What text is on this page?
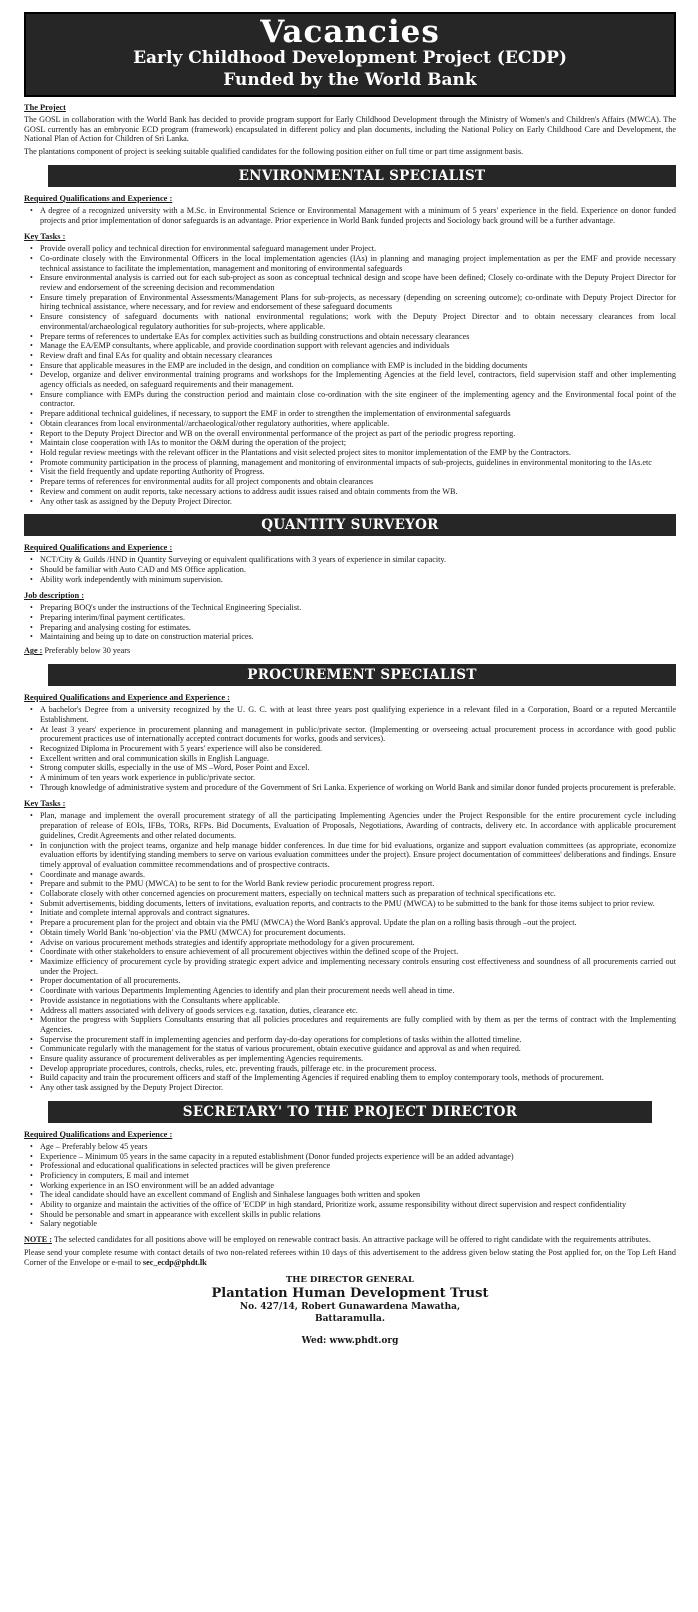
Vacancies
Early Childhood Development Project (ECDP)
Funded by the World Bank
The Project

The GOSL in collaboration with the World Bank has decided to provide program support for Early Childhood Development through the Ministry of Women's and Children's Affairs (MWCA). The GOSL currently has an embryonic ECD program (framework) encapsulated in different policy and plan documents, including the National Policy on Early Childhood Care and Development, the National Plan of Action for Children of Sri Lanka.

The plantations component of project is seeking suitable qualified candidates for the following position either on full time or part time assignment basis.

ENVIRONMENTAL SPECIALIST
Required Qualifications and Experience :
• A degree of a recognized university with a M.Sc. in Environmental Science or Environmental Management with a minimum of 5 years' experience in the field. Experience on donor funded projects and prior implementation of donor safeguards is an advantage. Prior experience in World Bank funded projects and Sociology back ground will be a further advantage.
Key Tasks :
• Provide overall policy and technical direction for environmental safeguard management under Project.
• Co-ordinate closely with the Environmental Officers in the local implementation agencies (IAs) in planning and managing project implementation as per the EMF and provide necessary technical assistance to facilitate the implementation, management and monitoring of environmental safeguards
• Ensure environmental analysis is carried out for each sub-project as soon as conceptual technical design and scope have been defined; Closely co-ordinate with the Deputy Project Director for review and endorsement of the screening decision and recommendation
• Ensure timely preparation of Environmental Assessments/Management Plans for sub-projects, as necessary (depending on screening outcome); co-ordinate with Deputy Project Director for hiring technical assistance, where necessary, and for review and endorsement of these safeguard documents
• Ensure consistency of safeguard documents with national environmental regulations; work with the Deputy Project Director and to obtain necessary clearances from local environmental/archaeological regulatory authorities for sub-projects, where applicable.
• Prepare terms of references to undertake EAs for complex activities such as building constructions and obtain necessary clearances
• Manage the EA/EMP consultants, where applicable, and provide coordination support with relevant agencies and individuals
• Review draft and final EAs for quality and obtain necessary clearances
• Ensure that applicable measures in the EMP are included in the design, and condition on compliance with EMP is included in the bidding documents
• Develop, organize and deliver environmental training programs and workshops for the Implementing Agencies at the field level, contractors, field supervision staff and other implementing agency officials as needed, on safeguard requirements and their management.
• Ensure compliance with EMPs during the construction period and maintain close co-ordination with the site engineer of the implementing agency and the Environmental focal point of the contractor.
• Prepare additional technical guidelines, if necessary, to support the EMF in order to strengthen the implementation of environmental safeguards
• Obtain clearances from local environmental//archaeological/other regulatory authorities, where applicable.
• Report to the Deputy Project Director and WB on the overall environmental performance of the project as part of the periodic progress reporting.
• Maintain close cooperation with IAs to monitor the O&M during the operation of the project;
• Hold regular review meetings with the relevant officer in the Plantations and visit selected project sites to monitor implementation of the EMP by the Contractors.
• Promote community participation in the process of planning, management and monitoring of environmental impacts of sub-projects, guidelines in environmental monitoring to the IAs.etc
• Visit the field frequently and update reporting Authority of Progress.
• Prepare terms of references for environmental audits for all project components and obtain clearances
• Review and comment on audit reports, take necessary actions to address audit issues raised and obtain comments from the WB.
• Any other task as assigned by the Deputy Project Director.
QUANTITY SURVEYOR
Required Qualifications and Experience :
• NCT/City & Guilds /HND in Quantity Surveying or equivalent qualifications with 3 years of experience in similar capacity.
• Should be familiar with Auto CAD and MS Office application.
• Ability work independently with minimum supervision.
Job description :
• Preparing BOQ's under the instructions of the Technical Engineering Specialist.
• Preparing interim/final payment certificates.
• Preparing and analysing costing for estimates.
• Maintaining and being up to date on construction material prices.
Age : Preferably below 30 years
PROCUREMENT SPECIALIST
Required Qualifications and Experience and Experience :
• A bachelor's Degree from a university recognized by the U. G. C. with at least three years post qualifying experience in a relevant filed in a Corporation, Board or a reputed Mercantile Establishment.
• At least 3 years' experience in procurement planning and management in public/private sector. (Implementing or overseeing actual procurement process in accordance with good public procurement practices use of internationally accepted contract documents for works, goods and services).
• Recognized Diploma in Procurement with 5 years' experience will also be considered.
• Excellent written and oral communication skills in English Language.
• Strong computer skills, especially in the use of MS –Word, Poser Point and Excel.
• A minimum of ten years work experience in public/private sector.
• Through knowledge of administrative system and procedure of the Government of Sri Lanka. Experience of working on World Bank and similar donor funded projects procurement is preferable.
Key Tasks :
• Plan, manage and implement the overall procurement strategy of all the participating Implementing Agencies under the Project Responsible for the entire procurement cycle including preparation of release of EOIs, IFBs, TORs, RFPs. Bid Documents, Evaluation of Proposals, Negotiations, Awarding of contracts, delivery etc. In accordance with applicable procurement guidelines, Credit Agreements and other related documents.
• In conjunction with the project teams, organize and help manage bidder conferences. In due time for bid evaluations, organize and support evaluation committees (as appropriate, economize evaluation efforts by identifying standing members to serve on various evaluation committees under the project). Ensure project documentation of committees' deliberations and findings. Ensure timely approval of evaluation committee recommendations and of prospective contracts.
• Coordinate and manage awards.
• Prepare and submit to the PMU (MWCA) to be sent to for the World Bank review periodic procurement progress report.
• Collaborate closely with other concerned agencies on procurement matters, especially on technical matters such as preparation of technical specifications etc.
• Submit advertisements, bidding documents, letters of invitations, evaluation reports, and contracts to the PMU (MWCA) to be submitted to the bank for those items subject to prior review.
• Initiate and complete internal approvals and contract signatures.
• Prepare a procurement plan for the project and obtain via the PMU (MWCA) the Word Bank's approval. Update the plan on a rolling basis through –out the project.
• Obtain timely World Bank 'no-objection' via the PMU (MWCA) for procurement documents.
• Advise on various procurement methods strategies and identify appropriate methodology for a given procurement.
• Coordinate with other stakeholders to ensure achievement of all procurement objectives within the defined scope of the Project.
• Maximize efficiency of procurement cycle by providing strategic expert advice and implementing necessary controls ensuring cost effectiveness and soundness of all procurements carried out under the Project.
• Proper documentation of all procurements.
• Coordinate with various Departments Implementing Agencies to identify and plan their procurement needs well ahead in time.
• Provide assistance in negotiations with the Consultants where applicable.
• Address all matters associated with delivery of goods services e.g. taxation, duties, clearance etc.
• Monitor the progress with Suppliers Consultants ensuring that all policies procedures and requirements are fully complied with by them as per the terms of contract with the Implementing Agencies.
• Supervise the procurement staff in implementing agencies and perform day-do-day operations for completions of tasks within the allotted timeline.
• Communicate regularly with the management for the status of various procurement, obtain executive guidance and approval as and when required.
• Ensure quality assurance of procurement deliverables as per implementing Agencies requirements.
• Develop appropriate procedures, controls, checks, rules, etc. preventing frauds, pilferage etc. in the procurement process.
• Build capacity and train the procurement officers and staff of the Implementing Agencies if required enabling them to employ contemporary tools, methods of procurement.
• Any other task assigned by the Deputy Project Director.
SECRETARY' TO THE PROJECT DIRECTOR
Required Qualifications and Experience :
• Age – Preferably below 45 years
• Experience – Minimum 05 years in the same capacity in a reputed establishment (Donor funded projects experience will be an added advantage)
• Professional and educational qualifications in selected practices will be given preference
• Proficiency in computers, E mail and internet
• Working experience in an ISO environment will be an added advantage
• The ideal candidate should have an excellent command of English and Sinhalese languages both written and spoken
• Ability to organize and maintain the activities of the office of 'ECDP' in high standard, Prioritize work, assume responsibility without direct supervision and respect confidentiality
• Should be personable and smart in appearance with excellent skills in public relations
• Salary negotiable

NOTE : The selected candidates for all positions above will be employed on renewable contract basis. An attractive package will be offered to right candidate with the requirements attributes.

Please send your complete resume with contact details of two non-related referees within 10 days of this advertisement to the address given below stating the Post applied for, on the Top Left Hand Corner of the Envelope or e-mail to sec_ecdp@phdt.lk

THE DIRECTOR GENERAL
Plantation Human Development Trust
No. 427/14, Robert Gunawardena Mawatha,
Battaramulla.
Wed: www.phdt.org
